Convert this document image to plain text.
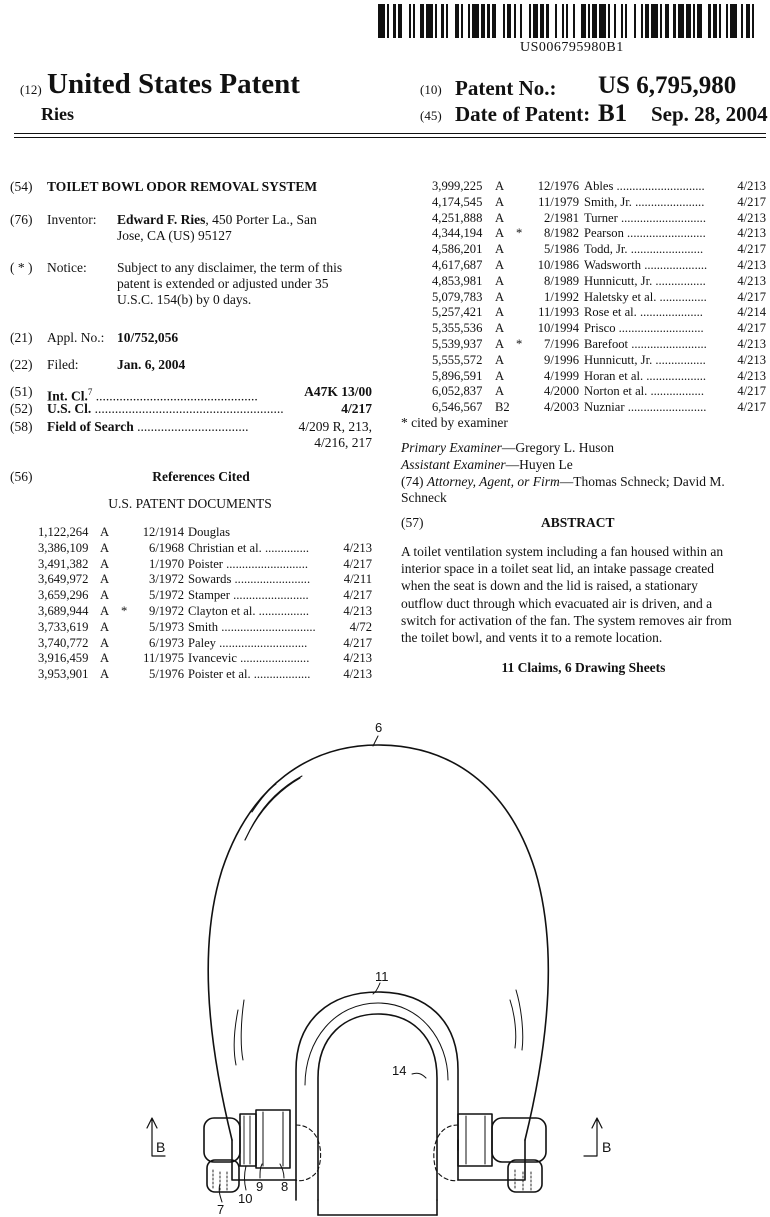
US006795980B1
(12) United States Patent
Ries
(10) Patent No.: US 6,795,980 B1
(45) Date of Patent:	Sep. 28, 2004
(54) TOILET BOWL ODOR REMOVAL SYSTEM
(76) Inventor: Edward F. Ries, 450 Porter La., San
Jose, CA (US) 95127
( * ) Notice: Subject to any disclaimer, the term of this
patent is extended or adjusted under 35
U.S.C. 154(b) by 0 days.
(21) Appl. No.: 10/752,056
(22) Filed:	Jan. 6, 2004
(51) Int. Cl.$^7$ ................................................	A47K 13/00
(52) U.S. Cl. ........................................................	4/217
(58) Field of Search .................................	4/209 R, 213,
4/216, 217
(56)	References Cited
U.S. PATENT DOCUMENTS
1,122,264 A	12/1914 Douglas
3,386,109 A	6/1968 Christian et al. ..............	4/213
3,491,382 A	1/1970 Poister ..........................	4/217
3,649,972 A	3/1972 Sowards ........................	4/211
3,659,296 A	5/1972 Stamper ........................	4/217
3,689,944 A *	9/1972 Clayton et al. ................	4/213
3,733,619 A	5/1973 Smith ..............................	4/72
3,740,772 A	6/1973 Paley ............................	4/217
3,916,459 A	11/1975 Ivancevic ......................	4/213
3,953,901 A	5/1976 Poister et al. ..................	4/213
3,999,225 A	12/1976 Ables ............................	4/213
4,174,545 A	11/1979 Smith, Jr. ......................	4/217
4,251,888 A	2/1981 Turner ...........................	4/213
4,344,194 A *	8/1982 Pearson .........................	4/213
4,586,201 A	5/1986 Todd, Jr. .......................	4/217
4,617,687 A	10/1986 Wadsworth ....................	4/213
4,853,981 A	8/1989 Hunnicutt, Jr. ................	4/213
5,079,783 A	1/1992 Haletsky et al. ...............	4/217
5,257,421 A	11/1993 Rose et al. ....................	4/214
5,355,536 A	10/1994 Prisco ...........................	4/217
5,539,937 A *	7/1996 Barefoot ........................	4/213
5,555,572 A	9/1996 Hunnicutt, Jr. ................	4/213
5,896,591 A	4/1999 Horan et al. ...................	4/213
6,052,837 A	4/2000 Norton et al. .................	4/217
6,546,567 B2	4/2003 Nuzniar .........................	4/217
* cited by examiner
Primary Examiner—Gregory L. Huson
Assistant Examiner—Huyen Le
(74) Attorney, Agent, or Firm—Thomas Schneck; David M.
Schneck
(57)	ABSTRACT
A toilet ventilation system including a fan housed within an
interior space in a toilet seat lid, an intake passage created
when the seat is down and the lid is raised, a stationary
outflow duct through which evacuated air is driven, and a
switch for activation of the fan. The system removes air from
the toilet bowl, and vents it to a remote location.
11 Claims, 6 Drawing Sheets
6
11
14
7
10
9 8
B	B
